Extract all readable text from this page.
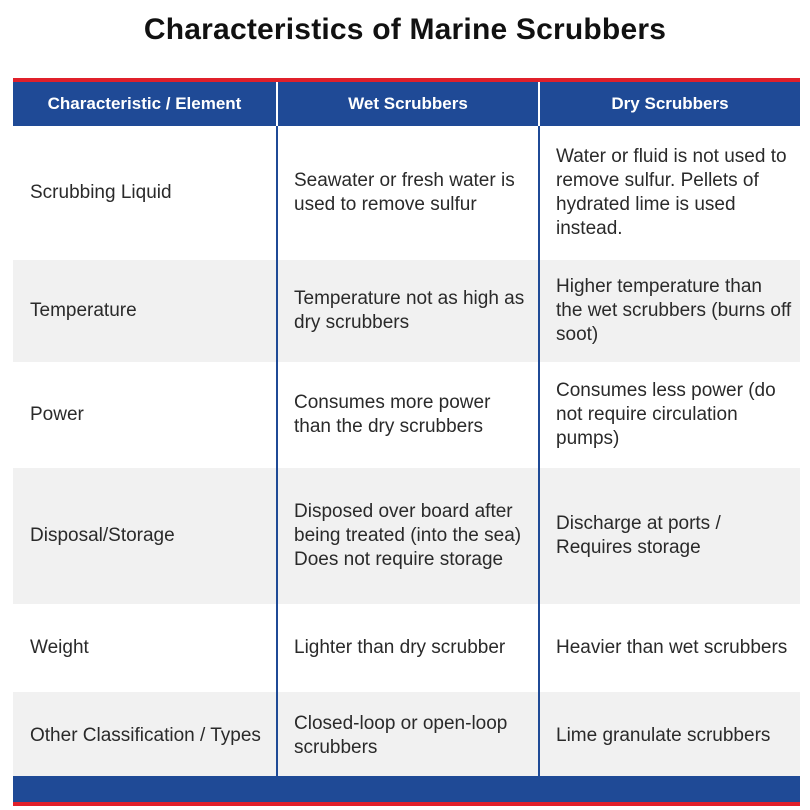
Characteristics of Marine Scrubbers
Characteristic / Element	Wet Scrubbers	Dry Scrubbers
Scrubbing Liquid	Seawater or fresh water is used to remove sulfur	Water or fluid is not used to remove sulfur. Pellets of hydrated lime is used instead.
Temperature	Temperature not as high as dry scrubbers	Higher temperature than the wet scrubbers (burns off soot)
Power	Consumes more power than the dry scrubbers	Consumes less power (do not require circulation pumps)
Disposal/Storage	Disposed over board after being treated (into the sea) Does not require storage	Discharge at ports / Requires storage
Weight	Lighter than dry scrubber	Heavier than wet scrubbers
Other Classification / Types	Closed-loop or open-loop scrubbers	Lime granulate scrubbers
